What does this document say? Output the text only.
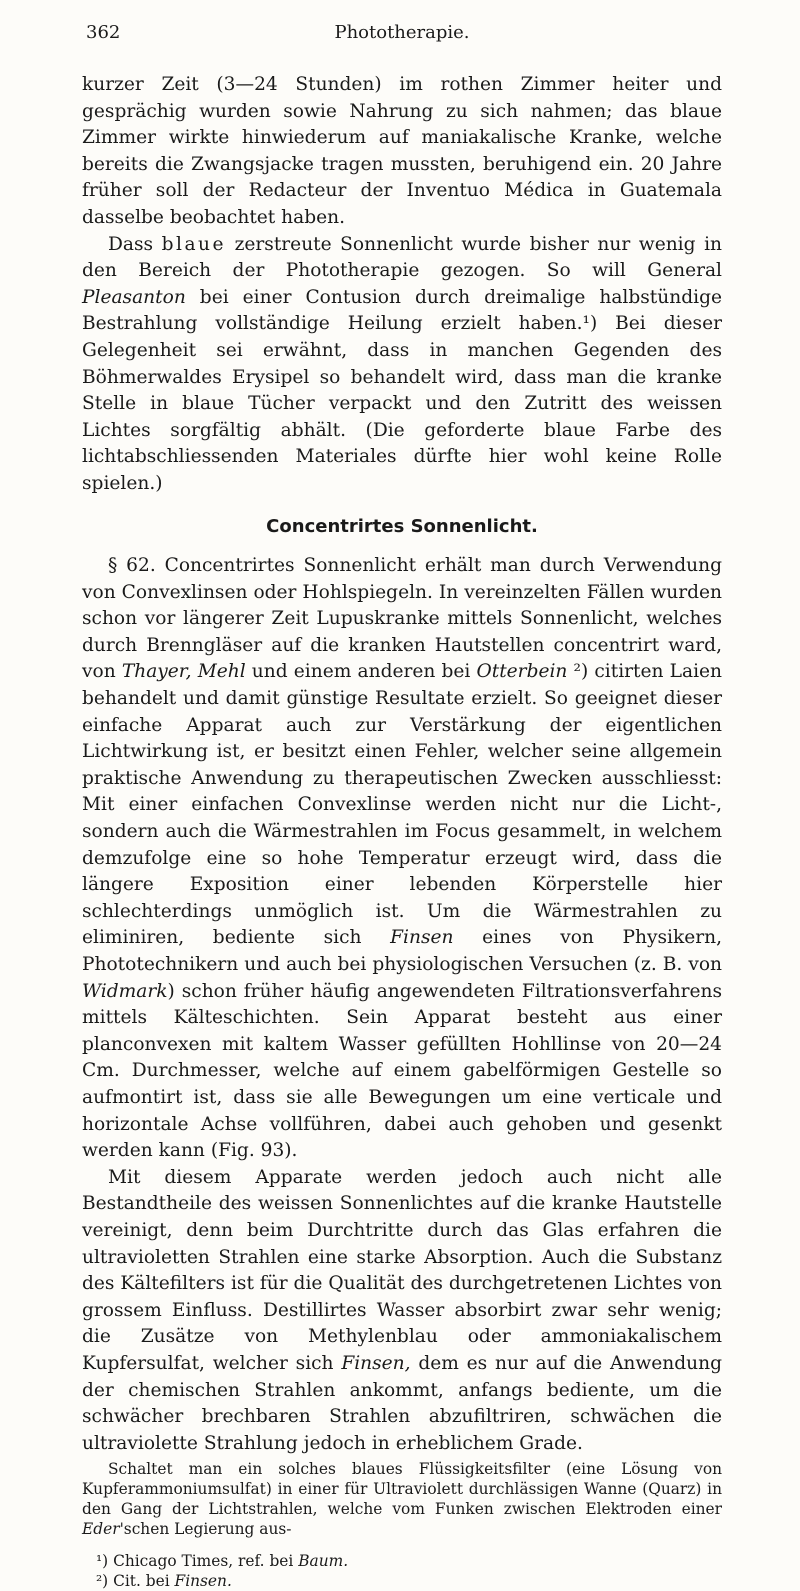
362	Phototherapie.

kurzer Zeit (3—24 Stunden) im rothen Zimmer heiter und gesprächig wurden sowie Nahrung zu sich nahmen; das blaue Zimmer wirkte hinwiederum auf maniakalische Kranke, welche bereits die Zwangsjacke tragen mussten, beruhigend ein. 20 Jahre früher soll der Redacteur der Inventuo Médica in Guatemala dasselbe beobachtet haben.

Dass blaue zerstreute Sonnenlicht wurde bisher nur wenig in den Bereich der Phototherapie gezogen. So will General Pleasanton bei einer Contusion durch dreimalige halbstündige Bestrahlung vollständige Heilung erzielt haben.¹) Bei dieser Gelegenheit sei erwähnt, dass in manchen Gegenden des Böhmerwaldes Erysipel so behandelt wird, dass man die kranke Stelle in blaue Tücher verpackt und den Zutritt des weissen Lichtes sorgfältig abhält. (Die geforderte blaue Farbe des lichtabschliessenden Materiales dürfte hier wohl keine Rolle spielen.)

Concentrirtes Sonnenlicht.

§ 62. Concentrirtes Sonnenlicht erhält man durch Verwendung von Convexlinsen oder Hohlspiegeln. In vereinzelten Fällen wurden schon vor längerer Zeit Lupuskranke mittels Sonnenlicht, welches durch Brenngläser auf die kranken Hautstellen concentrirt ward, von Thayer, Mehl und einem anderen bei Otterbein ²) citirten Laien behandelt und damit günstige Resultate erzielt. So geeignet dieser einfache Apparat auch zur Verstärkung der eigentlichen Lichtwirkung ist, er besitzt einen Fehler, welcher seine allgemein praktische Anwendung zu therapeutischen Zwecken ausschliesst: Mit einer einfachen Convexlinse werden nicht nur die Licht-, sondern auch die Wärmestrahlen im Focus gesammelt, in welchem demzufolge eine so hohe Temperatur erzeugt wird, dass die längere Exposition einer lebenden Körperstelle hier schlechterdings unmöglich ist. Um die Wärmestrahlen zu eliminiren, bediente sich Finsen eines von Physikern, Phototechnikern und auch bei physiologischen Versuchen (z. B. von Widmark) schon früher häufig angewendeten Filtrationsverfahrens mittels Kälteschichten. Sein Apparat besteht aus einer planconvexen mit kaltem Wasser gefüllten Hohllinse von 20—24 Cm. Durchmesser, welche auf einem gabelförmigen Gestelle so aufmontirt ist, dass sie alle Bewegungen um eine verticale und horizontale Achse vollführen, dabei auch gehoben und gesenkt werden kann (Fig. 93).

Mit diesem Apparate werden jedoch auch nicht alle Bestandtheile des weissen Sonnenlichtes auf die kranke Hautstelle vereinigt, denn beim Durchtritte durch das Glas erfahren die ultravioletten Strahlen eine starke Absorption. Auch die Substanz des Kältefilters ist für die Qualität des durchgetretenen Lichtes von grossem Einfluss. Destillirtes Wasser absorbirt zwar sehr wenig; die Zusätze von Methylenblau oder ammoniakalischem Kupfersulfat, welcher sich Finsen, dem es nur auf die Anwendung der chemischen Strahlen ankommt, anfangs bediente, um die schwächer brechbaren Strahlen abzufiltriren, schwächen die ultraviolette Strahlung jedoch in erheblichem Grade.

Schaltet man ein solches blaues Flüssigkeitsfilter (eine Lösung von Kupferammoniumsulfat) in einer für Ultraviolett durchlässigen Wanne (Quarz) in den Gang der Lichtstrahlen, welche vom Funken zwischen Elektroden einer Eder'schen Legierung aus-

¹) Chicago Times, ref. bei Baum.
²) Cit. bei Finsen.
